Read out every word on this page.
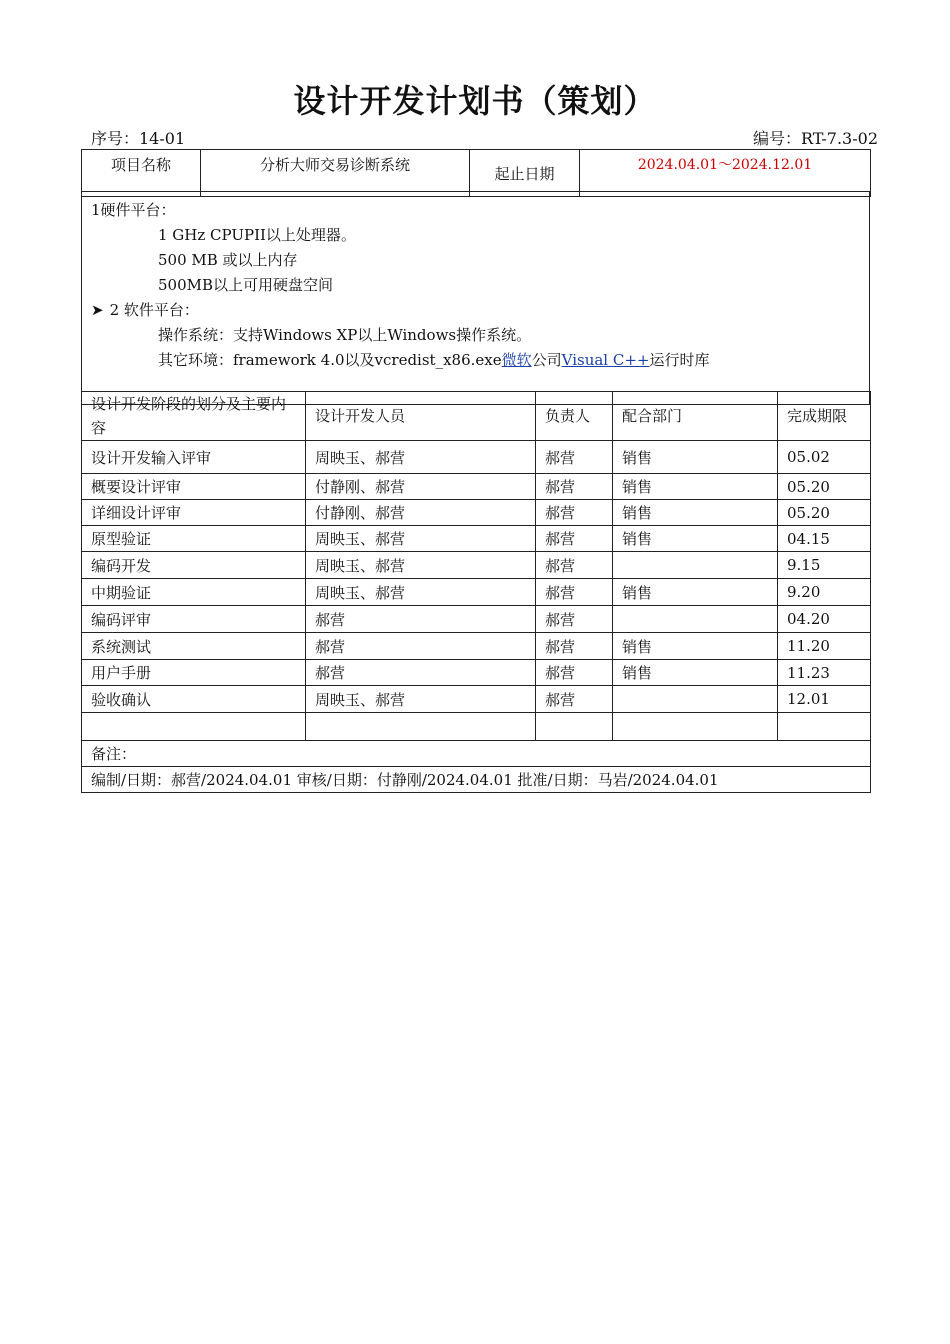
设计开发计划书（策划）
序号：14-01	编号：RT-7.3-02
项目名称	分析大师交易诊断系统	起止日期	2024.04.01～2024.12.01
1硬件平台：

1 GHz CPUPII以上处理器。
500 MB 或以上内存
500MB以上可用硬盘空间
➤ 2 软件平台：
操作系统：支持Windows XP以上Windows操作系统。
其它环境：framework 4.0以及vcredist_x86.exe微软公司Visual C++运行时库
设计开发阶段的划分及主要内容	设计开发人员	负责人	配合部门	完成期限
设计开发输入评审	周映玉、郝营	郝营	销售	05.02
概要设计评审	付静刚、郝营	郝营	销售	05.20
详细设计评审	付静刚、郝营	郝营	销售	05.20
原型验证	周映玉、郝营	郝营	销售	04.15
编码开发	周映玉、郝营	郝营		9.15
中期验证	周映玉、郝营	郝营	销售	9.20
编码评审	郝营	郝营		04.20
系统测试	郝营	郝营	销售	11.20
用户手册	郝营	郝营	销售	11.23
验收确认	周映玉、郝营	郝营		12.01

备注：				
编制/日期：郝营/2024.04.01 审核/日期：付静刚/2024.04.01 批准/日期：马岩/2024.04.01				
